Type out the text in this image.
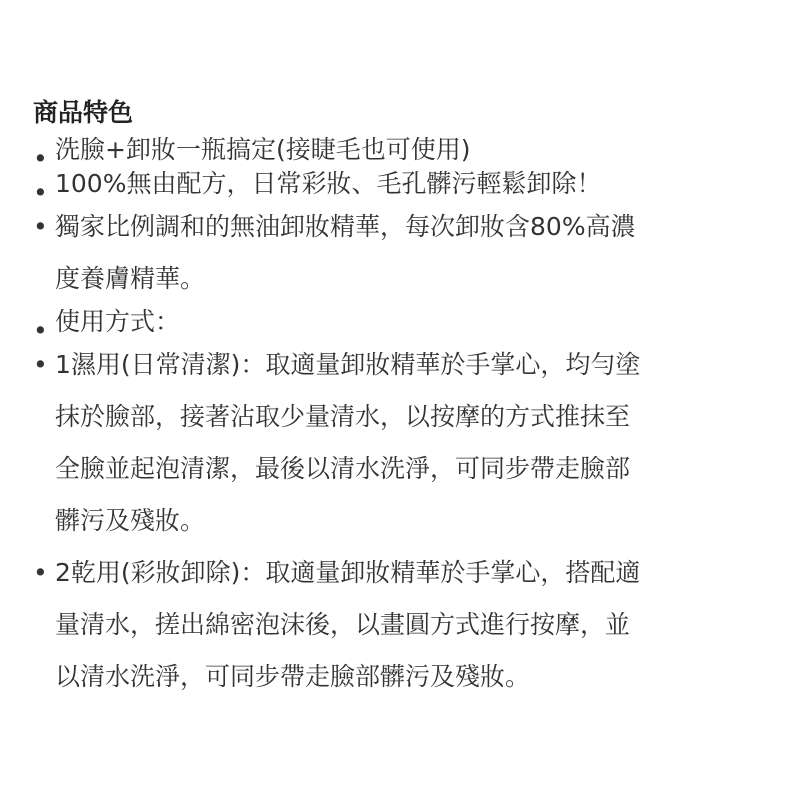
商品特色
• 洗臉+卸妝一瓶搞定(接睫毛也可使用)
• 100%無由配方，日常彩妝、毛孔髒污輕鬆卸除！
• 獨家比例調和的無油卸妝精華，每次卸妝含80%高濃
度養膚精華。
• 使用方式：
• 1濕用(日常清潔)：取適量卸妝精華於手掌心，均勻塗
抹於臉部，接著沾取少量清水，以按摩的方式推抹至
全臉並起泡清潔，最後以清水洗淨，可同步帶走臉部
髒污及殘妝。
• 2乾用(彩妝卸除)：取適量卸妝精華於手掌心，搭配適
量清水，搓出綿密泡沫後，以畫圓方式進行按摩，並
以清水洗淨，可同步帶走臉部髒污及殘妝。
